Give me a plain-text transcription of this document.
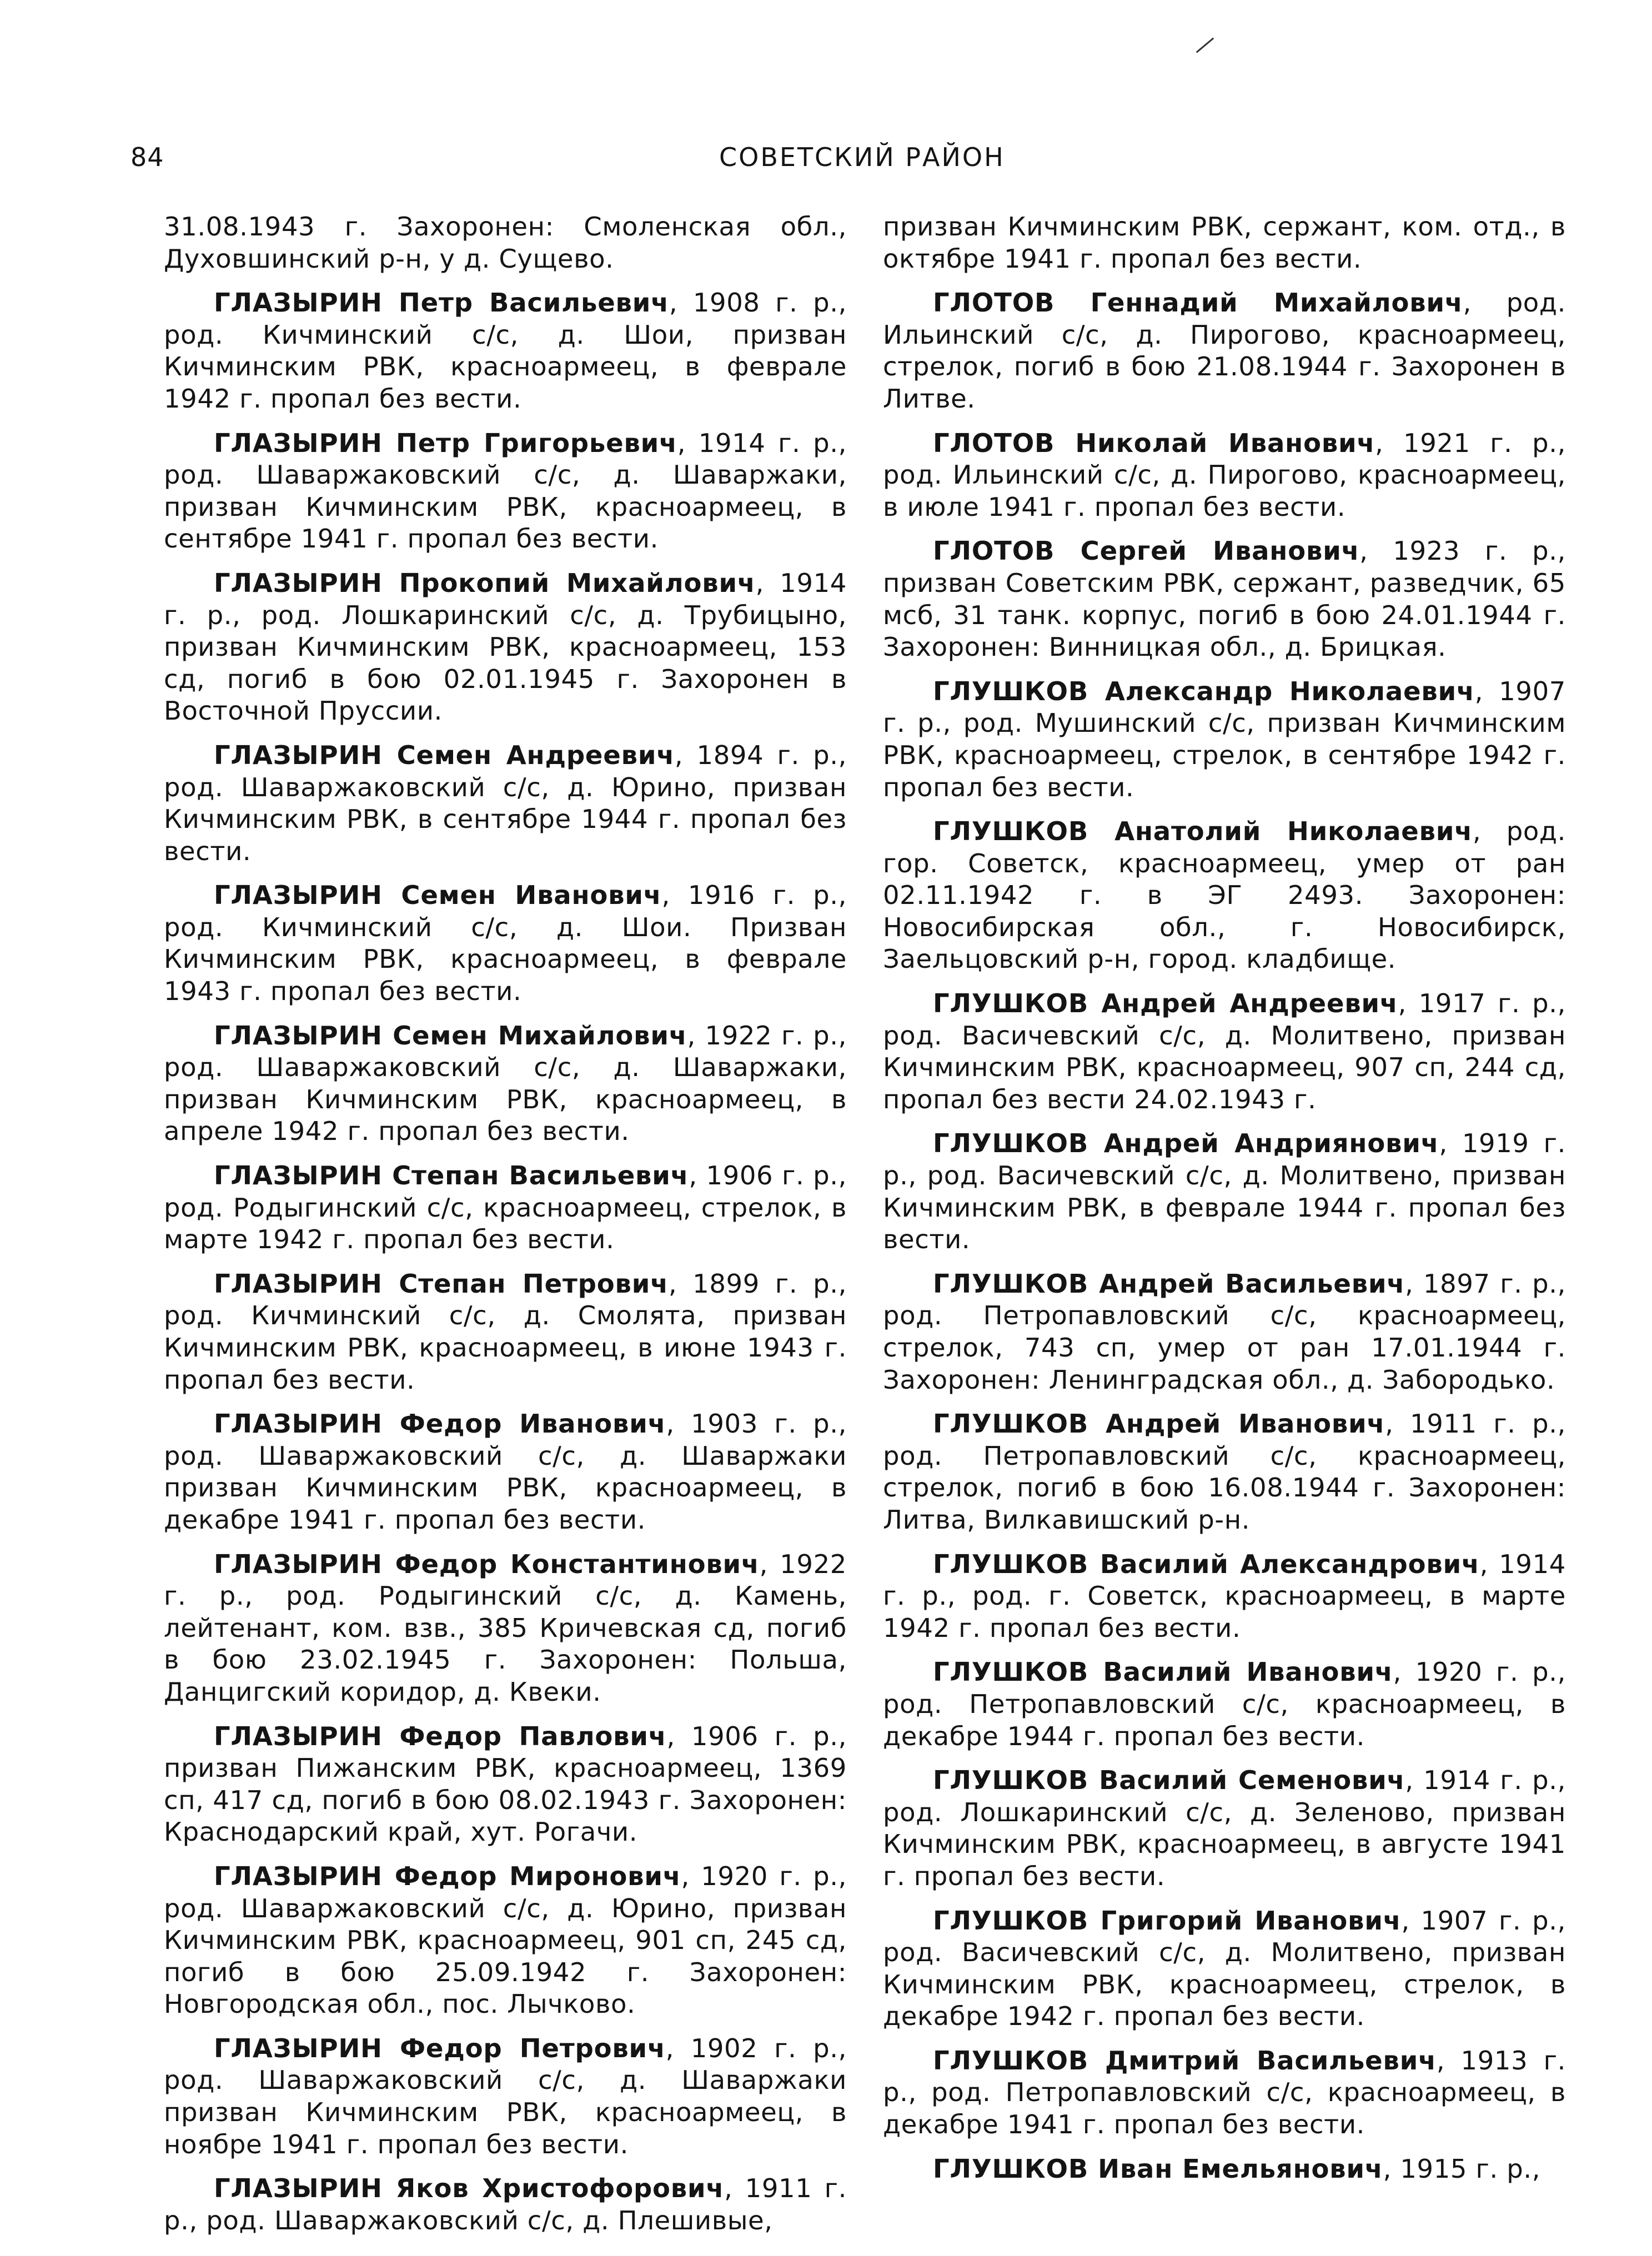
84	СОВЕТСКИЙ РАЙОН

31.08.1943 г. Захоронен: Смоленская обл., Духовшинский р-н, у д. Сущево.

ГЛАЗЫРИН Петр Васильевич, 1908 г. р., род. Кичминский с/с, д. Шои, призван Кичминским РВК, красноармеец, в феврале 1942 г. пропал без вести.

ГЛАЗЫРИН Петр Григорьевич, 1914 г. р., род. Шаваржаковский с/с, д. Шаваржаки, призван Кичминским РВК, красноармеец, в сентябре 1941 г. пропал без вести.

ГЛАЗЫРИН Прокопий Михайлович, 1914 г. р., род. Лошкаринский с/с, д. Трубицыно, призван Кичминским РВК, красноармеец, 153 сд, погиб в бою 02.01.1945 г. Захоронен в Восточной Пруссии.

ГЛАЗЫРИН Семен Андреевич, 1894 г. р., род. Шаваржаковский с/с, д. Юрино, призван Кичминским РВК, в сентябре 1944 г. пропал без вести.

ГЛАЗЫРИН Семен Иванович, 1916 г. р., род. Кичминский с/с, д. Шои. Призван Кичминским РВК, красноармеец, в феврале 1943 г. пропал без вести.

ГЛАЗЫРИН Семен Михайлович, 1922 г. р., род. Шаваржаковский с/с, д. Шаваржаки, призван Кичминским РВК, красноармеец, в апреле 1942 г. пропал без вести.

ГЛАЗЫРИН Степан Васильевич, 1906 г. р., род. Родыгинский с/с, красноармеец, стрелок, в марте 1942 г. пропал без вести.

ГЛАЗЫРИН Степан Петрович, 1899 г. р., род. Кичминский с/с, д. Смолята, призван Кичминским РВК, красноармеец, в июне 1943 г. пропал без вести.

ГЛАЗЫРИН Федор Иванович, 1903 г. р., род. Шаваржаковский с/с, д. Шаваржаки призван Кичминским РВК, красноармеец, в декабре 1941 г. пропал без вести.

ГЛАЗЫРИН Федор Константинович, 1922 г. р., род. Родыгинский с/с, д. Камень, лейтенант, ком. взв., 385 Кричевская сд, погиб в бою 23.02.1945 г. Захоронен: Польша, Данцигский коридор, д. Квеки.

ГЛАЗЫРИН Федор Павлович, 1906 г. р., призван Пижанским РВК, красноармеец, 1369 сп, 417 сд, погиб в бою 08.02.1943 г. Захоронен: Краснодарский край, хут. Рогачи.

ГЛАЗЫРИН Федор Миронович, 1920 г. р., род. Шаваржаковский с/с, д. Юрино, призван Кичминским РВК, красноармеец, 901 сп, 245 сд, погиб в бою 25.09.1942 г. Захоронен: Новгородская обл., пос. Лычково.

ГЛАЗЫРИН Федор Петрович, 1902 г. р., род. Шаваржаковский с/с, д. Шаваржаки призван Кичминским РВК, красноармеец, в ноябре 1941 г. пропал без вести.

ГЛАЗЫРИН Яков Христофорович, 1911 г. р., род. Шаваржаковский с/с, д. Плешивые,

призван Кичминским РВК, сержант, ком. отд., в октябре 1941 г. пропал без вести.

ГЛОТОВ Геннадий Михайлович, род. Ильинский с/с, д. Пирогово, красноармеец, стрелок, погиб в бою 21.08.1944 г. Захоронен в Литве.

ГЛОТОВ Николай Иванович, 1921 г. р., род. Ильинский с/с, д. Пирогово, красноармеец, в июле 1941 г. пропал без вести.

ГЛОТОВ Сергей Иванович, 1923 г. р., призван Советским РВК, сержант, разведчик, 65 мсб, 31 танк. корпус, погиб в бою 24.01.1944 г. Захоронен: Винницкая обл., д. Брицкая.

ГЛУШКОВ Александр Николаевич, 1907 г. р., род. Мушинский с/с, призван Кичминским РВК, красноармеец, стрелок, в сентябре 1942 г. пропал без вести.

ГЛУШКОВ Анатолий Николаевич, род. гор. Советск, красноармеец, умер от ран 02.11.1942 г. в ЭГ 2493. Захоронен: Новосибирская обл., г. Новосибирск, Заельцовский р-н, город. кладбище.

ГЛУШКОВ Андрей Андреевич, 1917 г. р., род. Васичевский с/с, д. Молитвено, призван Кичминским РВК, красноармеец, 907 сп, 244 сд, пропал без вести 24.02.1943 г.

ГЛУШКОВ Андрей Андриянович, 1919 г. р., род. Васичевский с/с, д. Молитвено, призван Кичминским РВК, в феврале 1944 г. пропал без вести.

ГЛУШКОВ Андрей Васильевич, 1897 г. р., род. Петропавловский с/с, красноармеец, стрелок, 743 сп, умер от ран 17.01.1944 г. Захоронен: Ленинградская обл., д. Забородько.

ГЛУШКОВ Андрей Иванович, 1911 г. р., род. Петропавловский с/с, красноармеец, стрелок, погиб в бою 16.08.1944 г. Захоронен: Литва, Вилкавишский р-н.

ГЛУШКОВ Василий Александрович, 1914 г. р., род. г. Советск, красноармеец, в марте 1942 г. пропал без вести.

ГЛУШКОВ Василий Иванович, 1920 г. р., род. Петропавловский с/с, красноармеец, в декабре 1944 г. пропал без вести.

ГЛУШКОВ Василий Семенович, 1914 г. р., род. Лошкаринский с/с, д. Зеленово, призван Кичминским РВК, красноармеец, в августе 1941 г. пропал без вести.

ГЛУШКОВ Григорий Иванович, 1907 г. р., род. Васичевский с/с, д. Молитвено, призван Кичминским РВК, красноармеец, стрелок, в декабре 1942 г. пропал без вести.

ГЛУШКОВ Дмитрий Васильевич, 1913 г. р., род. Петропавловский с/с, красноармеец, в декабре 1941 г. пропал без вести.

ГЛУШКОВ Иван Емельянович, 1915 г. р.,
